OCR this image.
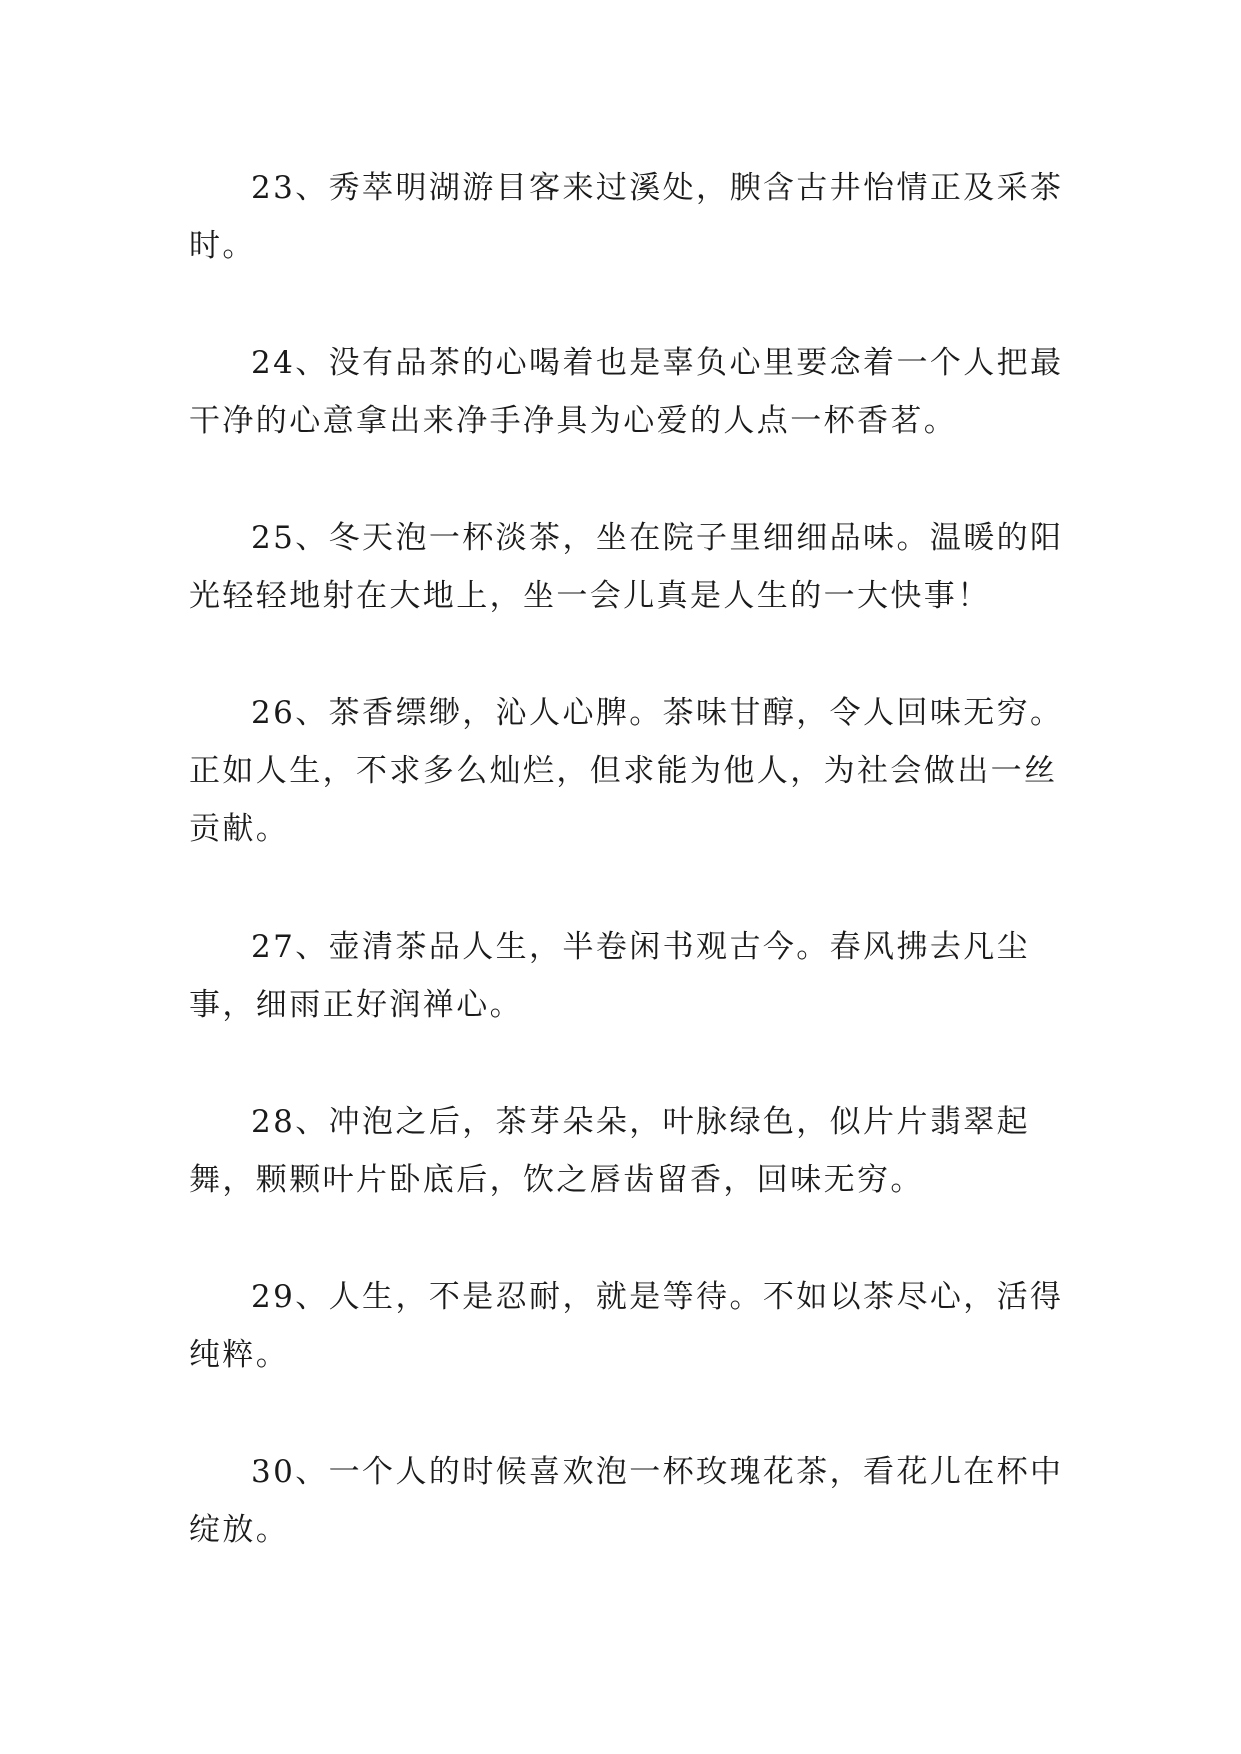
23、秀萃明湖游目客来过溪处，腴含古井怡情正及采茶时。

24、没有品茶的心喝着也是辜负心里要念着一个人把最干净的心意拿出来净手净具为心爱的人点一杯香茗。

25、冬天泡一杯淡茶，坐在院子里细细品味。温暖的阳光轻轻地射在大地上，坐一会儿真是人生的一大快事！

26、茶香缥缈，沁人心脾。茶味甘醇，令人回味无穷。正如人生，不求多么灿烂，但求能为他人，为社会做出一丝贡献。

27、壶清茶品人生，半卷闲书观古今。春风拂去凡尘事，细雨正好润禅心。

28、冲泡之后，茶芽朵朵，叶脉绿色，似片片翡翠起舞，颗颗叶片卧底后，饮之唇齿留香，回味无穷。

29、人生，不是忍耐，就是等待。不如以茶尽心，活得纯粹。

30、一个人的时候喜欢泡一杯玫瑰花茶，看花儿在杯中绽放。
